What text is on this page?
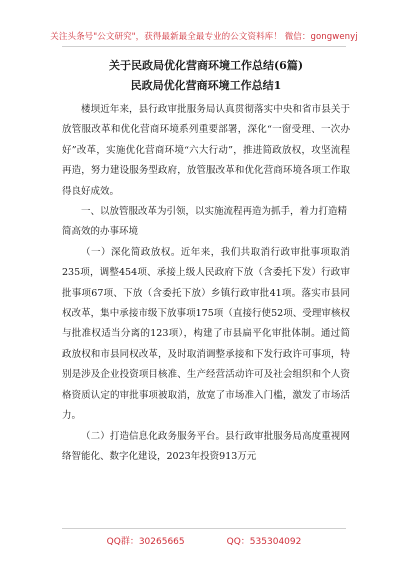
关注头条号"公文研究"，获得最新最全最专业的公文资料库！ 微信：gongwenyj

关于民政局优化营商环境工作总结(6篇)

民政局优化营商环境工作总结1

楼坝近年来，县行政审批服务局认真贯彻落实中央和省市县关于放管服改革和优化营商环境系列重要部署，深化“一窗受理、一次办好”改革，实施优化营商环境“六大行动”，推进简政放权，攻坚流程再造，努力建设服务型政府，放管服改革和优化营商环境各项工作取得良好成效。

一、以放管服改革为引领，以实施流程再造为抓手，着力打造精简高效的办事环境

（一）深化简政放权。近年来，我们共取消行政审批事项取消235项，调整454项、承接上级人民政府下放（含委托下发）行政审批事项67项、下放（含委托下放）乡镇行政审批41项。落实市县同权改革，集中承接市级下放事项175项（直接行使52项、受理审核权与批准权适当分离的123项），构建了市县扁平化审批体制。通过简政放权和市县同权改革，及时取消调整承接和下发行政许可事项，特别是涉及企业投资项目核准、生产经营活动许可及社会组织和个人资格资质认定的审批事项被取消，放宽了市场准入门槛，激发了市场活力。

（二）打造信息化政务服务平台。县行政审批服务局高度重视网络智能化、数字化建设，2023年投资913万元

QQ群：30265665	QQ：535304092
